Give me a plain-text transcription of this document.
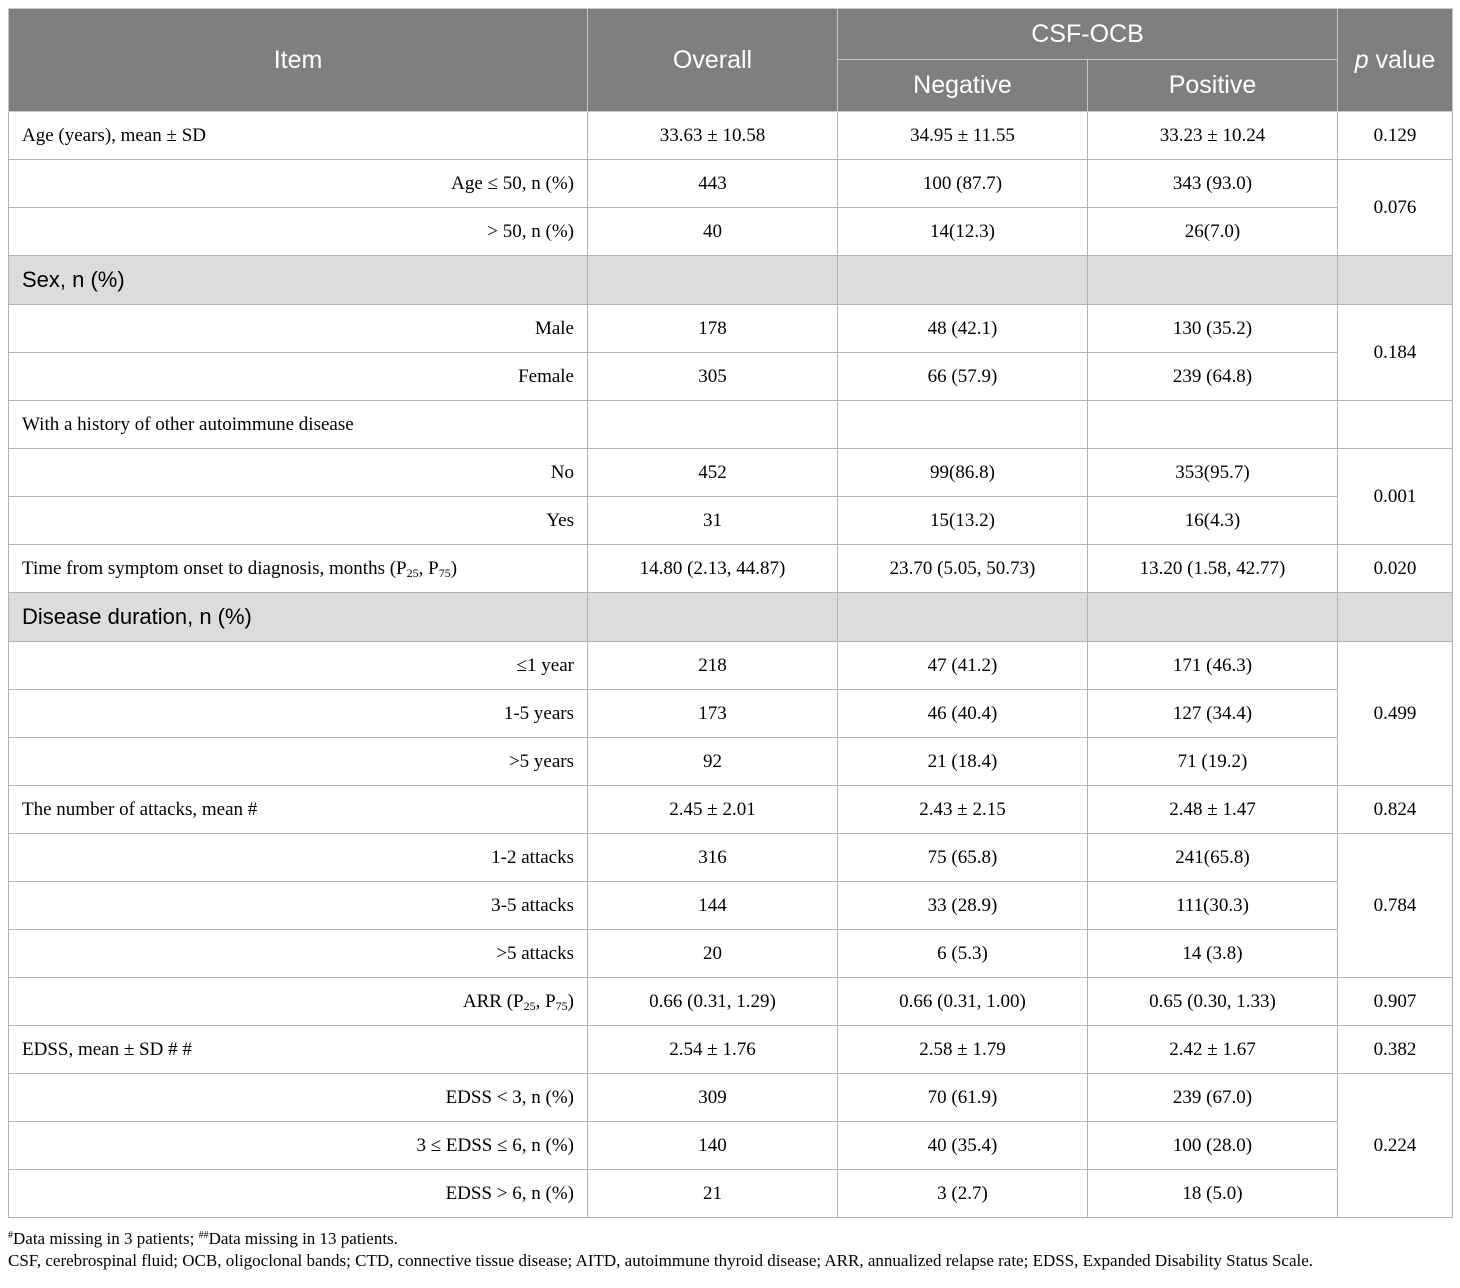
Item	Overall	CSF-OCB		p value
		Negative	Positive	
Age (years), mean ± SD	33.63 ± 10.58	34.95 ± 11.55	33.23 ± 10.24	0.129
Age ≤ 50, n (%)	443	100 (87.7)	343 (93.0)	0.076
> 50, n (%)	40	14(12.3)	26(7.0)	
Sex, n (%)				
Male	178	48 (42.1)	130 (35.2)	0.184
Female	305	66 (57.9)	239 (64.8)	
With a history of other autoimmune disease				
No	452	99(86.8)	353(95.7)	0.001
Yes	31	15(13.2)	16(4.3)	
Time from symptom onset to diagnosis, months ($P_{25}$, $P_{75}$)	14.80 (2.13, 44.87)	23.70 (5.05, 50.73)	13.20 (1.58, 42.77)	0.020
Disease duration, n (%)				
≤1 year	218	47 (41.2)	171 (46.3)	0.499
1-5 years	173	46 (40.4)	127 (34.4)	
>5 years	92	21 (18.4)	71 (19.2)	
The number of attacks, mean #	2.45 ± 2.01	2.43 ± 2.15	2.48 ± 1.47	0.824
1-2 attacks	316	75 (65.8)	241(65.8)	0.784
3-5 attacks	144	33 (28.9)	111(30.3)	
>5 attacks	20	6 (5.3)	14 (3.8)	
ARR ($P_{25}$, $P_{75}$)	0.66 (0.31, 1.29)	0.66 (0.31, 1.00)	0.65 (0.30, 1.33)	0.907
EDSS, mean ± SD # #	2.54 ± 1.76	2.58 ± 1.79	2.42 ± 1.67	0.382
EDSS < 3, n (%)	309	70 (61.9)	239 (67.0)	0.224
3 ≤ EDSS ≤ 6, n (%)	140	40 (35.4)	100 (28.0)	
EDSS > 6, n (%)	21	3 (2.7)	18 (5.0)	
#Data missing in 3 patients; ##Data missing in 13 patients.
CSF, cerebrospinal fluid; OCB, oligoclonal bands; CTD, connective tissue disease; AITD, autoimmune thyroid disease; ARR, annualized relapse rate; EDSS, Expanded Disability Status Scale.
